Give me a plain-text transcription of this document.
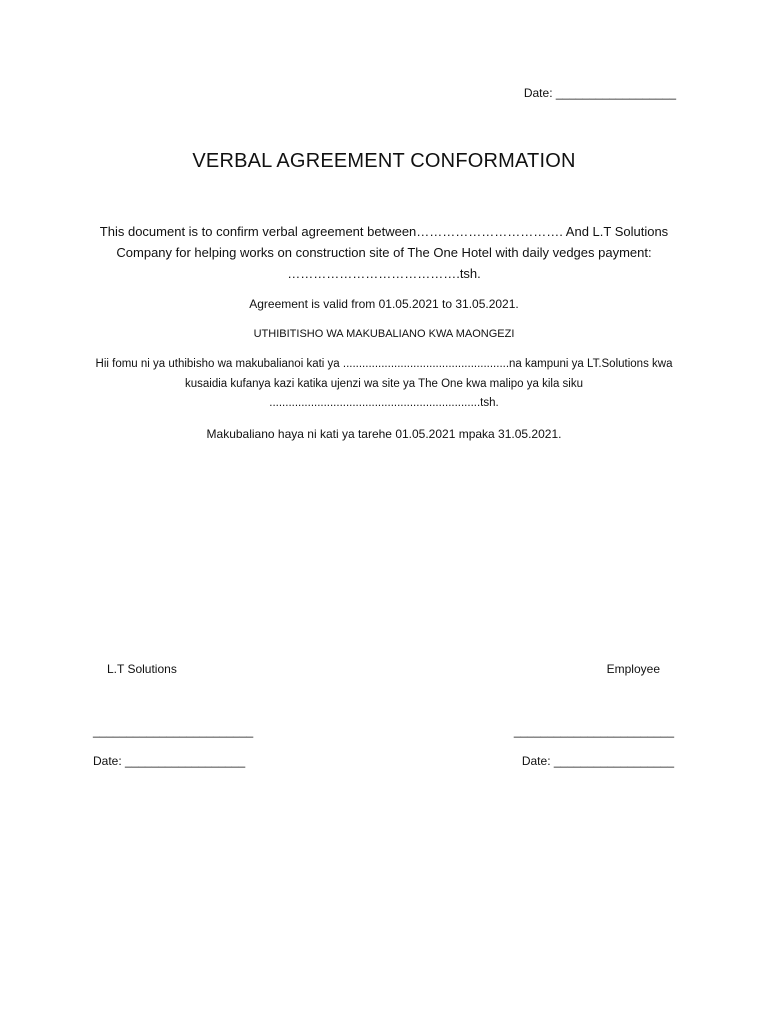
Date: __________________
VERBAL AGREEMENT CONFORMATION
This document is to confirm verbal agreement between……………………………. And L.T Solutions Company for helping works on construction site of The One Hotel with daily vedges payment: ………………………………….tsh.
Agreement is valid from 01.05.2021 to 31.05.2021.
UTHIBITISHO WA MAKUBALIANO KWA MAONGEZI
Hii fomu ni ya uthibisho wa makubalianoi kati ya ....................................................na kampuni ya LT.Solutions kwa kusaidia kufanya kazi katika ujenzi wa site ya The One kwa malipo ya kila siku ..................................................................tsh.
Makubaliano haya ni kati ya tarehe 01.05.2021 mpaka 31.05.2021.
L.T Solutions	Employee
________________________	________________________
Date: __________________	Date: __________________
